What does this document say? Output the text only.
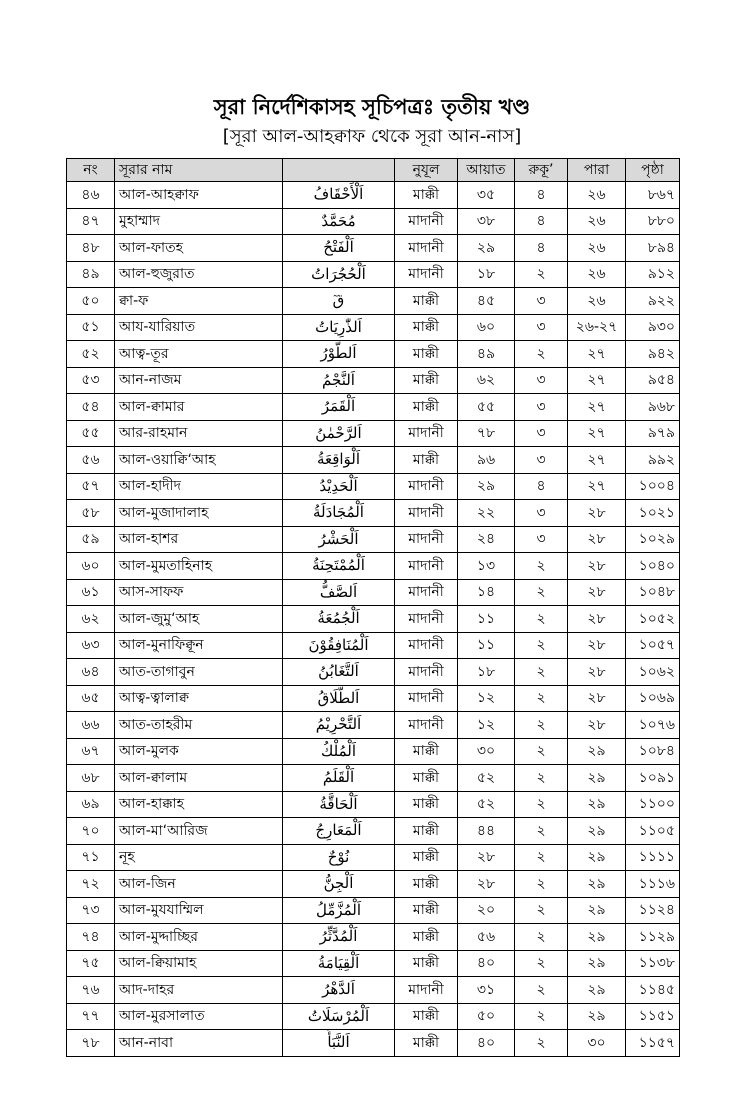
সূরা নির্দেশিকাসহ সূচিপত্রঃ তৃতীয় খণ্ড
[সূরা আল-আহক্বাফ থেকে সূরা আন-নাস]
নং	সূরার নাম		নুযূল	আয়াত	রুকূ’	পারা	পৃষ্ঠা
৪৬	আল-আহক্বাফ	اَلْأَحْقَافُ	মাক্কী	৩৫	৪	২৬	৮৬৭
৪৭	মুহাম্মাদ	مُحَمَّدٌ	মাদানী	৩৮	৪	২৬	৮৮০
৪৮	আল-ফাতহ	اَلْفَتْحُ	মাদানী	২৯	৪	২৬	৮৯৪
৪৯	আল-হুজুরাত	اَلْحُجُرَاتُ	মাদানী	১৮	২	২৬	৯১২
৫০	ক্বা-ফ	قٓ	মাক্কী	৪৫	৩	২৬	৯২২
৫১	আয-যারিয়াত	اَلذّٰرِيَاتُ	মাক্কী	৬০	৩	২৬-২৭	৯৩০
৫২	আত্ব-তূর	اَلطُّوْرُ	মাক্কী	৪৯	২	২৭	৯৪২
৫৩	আন-নাজম	اَلنَّجْمُ	মাক্কী	৬২	৩	২৭	৯৫৪
৫৪	আল-ক্বামার	اَلْقَمَرُ	মাক্কী	৫৫	৩	২৭	৯৬৮
৫৫	আর-রাহমান	اَلرَّحْمٰنُ	মাদানী	৭৮	৩	২৭	৯৭৯
৫৬	আল-ওয়াক্বি‘আহ	اَلْوَاقِعَةُ	মাক্কী	৯৬	৩	২৭	৯৯২
৫৭	আল-হাদীদ	اَلْحَدِيْدُ	মাদানী	২৯	৪	২৭	১০০৪
৫৮	আল-মুজাদালাহ	اَلْمُجَادَلَةُ	মাদানী	২২	৩	২৮	১০২১
৫৯	আল-হাশর	اَلْحَشْرُ	মাদানী	২৪	৩	২৮	১০২৯
৬০	আল-মুমতাহিনাহ	اَلْمُمْتَحِنَةُ	মাদানী	১৩	২	২৮	১০৪০
৬১	আস-সাফফ	اَلصَّفُّ	মাদানী	১৪	২	২৮	১০৪৮
৬২	আল-জুমু‘আহ	اَلْجُمُعَةُ	মাদানী	১১	২	২৮	১০৫২
৬৩	আল-মুনাফিক্বূন	اَلْمُنَافِقُوْنَ	মাদানী	১১	২	২৮	১০৫৭
৬৪	আত-তাগাবুন	اَلتَّغَابُنُ	মাদানী	১৮	২	২৮	১০৬২
৬৫	আত্ব-ত্বালাক্ব	اَلطَّلَاقُ	মাদানী	১২	২	২৮	১০৬৯
৬৬	আত-তাহরীম	اَلتَّحْرِيْمُ	মাদানী	১২	২	২৮	১০৭৬
৬৭	আল-মুলক	اَلْمُلْكُ	মাক্কী	৩০	২	২৯	১০৮৪
৬৮	আল-ক্বালাম	اَلْقَلَمُ	মাক্কী	৫২	২	২৯	১০৯১
৬৯	আল-হাক্কাহ	اَلْحَاقَّةُ	মাক্কী	৫২	২	২৯	১১০০
৭০	আল-মা‘আরিজ	اَلْمَعَارِجُ	মাক্কী	৪৪	২	২৯	১১০৫
৭১	নূহ	نُوْحٌ	মাক্কী	২৮	২	২৯	১১১১
৭২	আল-জিন	اَلْجِنُّ	মাক্কী	২৮	২	২৯	১১১৬
৭৩	আল-মুযযাম্মিল	اَلْمُزَّمِّلُ	মাক্কী	২০	২	২৯	১১২৪
৭৪	আল-মুদ্দাচ্ছির	اَلْمُدَّثِّرُ	মাক্কী	৫৬	২	২৯	১১২৯
৭৫	আল-ক্বিয়ামাহ	اَلْقِيَامَةُ	মাক্কী	৪০	২	২৯	১১৩৮
৭৬	আদ-দাহর	اَلدَّهْرُ	মাদানী	৩১	২	২৯	১১৪৫
৭৭	আল-মুরসালাত	اَلْمُرْسَلَاتُ	মাক্কী	৫০	২	২৯	১১৫১
৭৮	আন-নাবা	اَلنَّبَأُ	মাক্কী	৪০	২	৩০	১১৫৭
